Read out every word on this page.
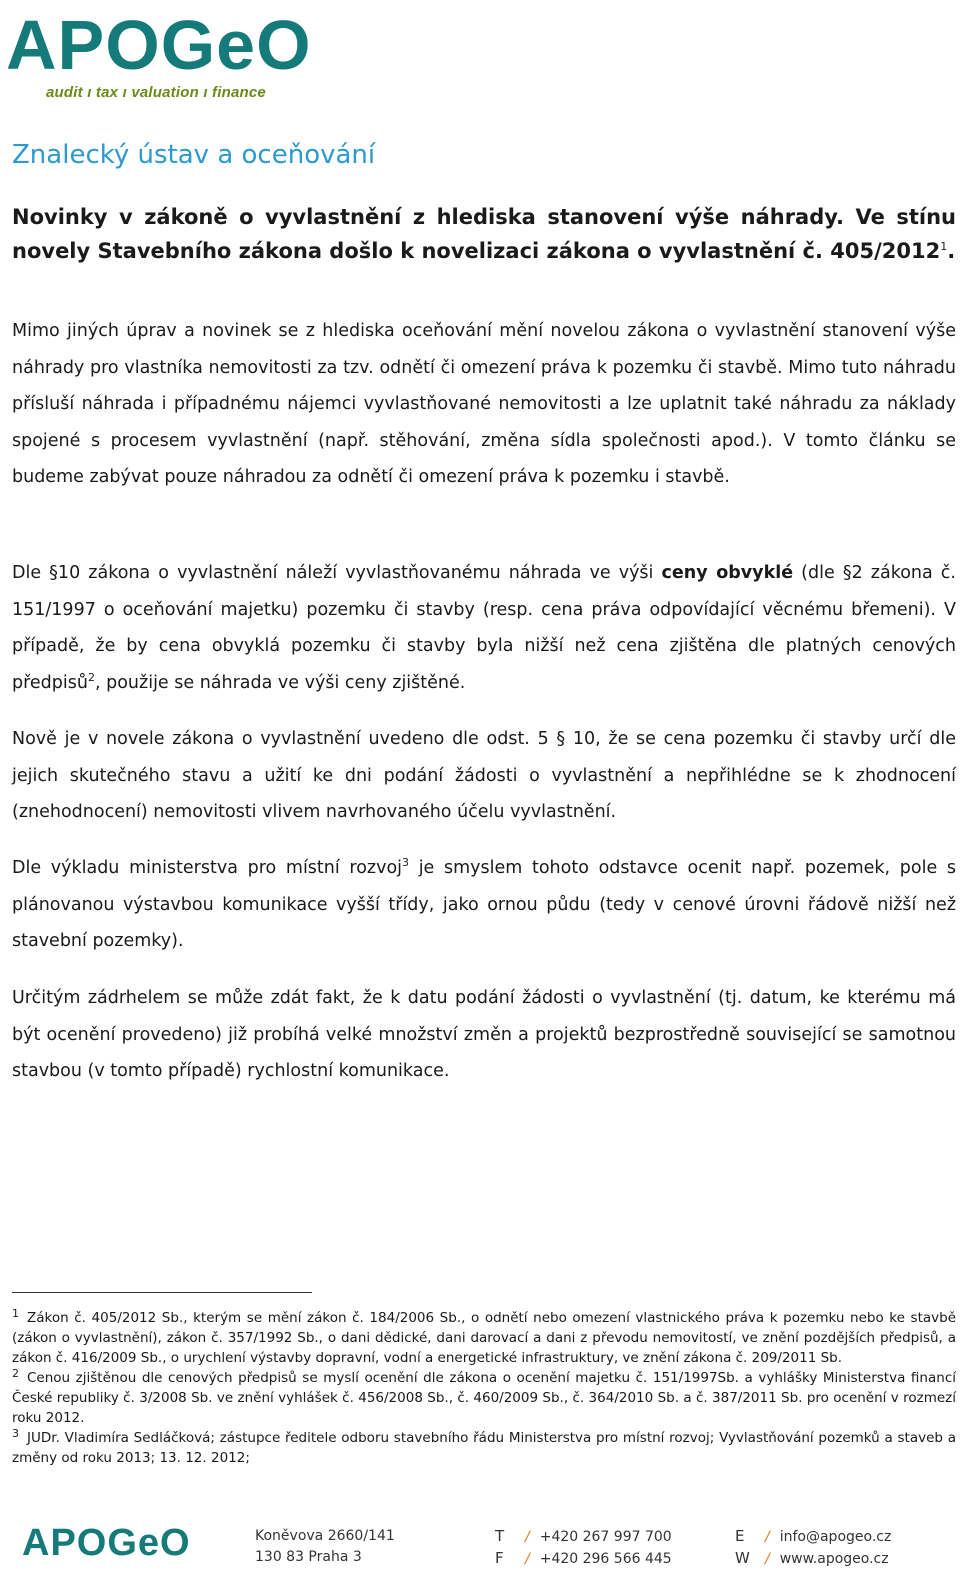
APOGeO
audit ı tax ı valuation ı finance
Znalecký ústav a oceňování
Novinky v zákoně o vyvlastnění z hlediska stanovení výše náhrady. Ve stínu novely Stavebního zákona došlo k novelizaci zákona o vyvlastnění č. 405/2012$^1$.
Mimo jiných úprav a novinek se z hlediska oceňování mění novelou zákona o vyvlastnění stanovení výše náhrady pro vlastníka nemovitosti za tzv. odnětí či omezení práva k pozemku či stavbě. Mimo tuto náhradu přísluší náhrada i případnému nájemci vyvlastňované nemovitosti a lze uplatnit také náhradu za náklady spojené s procesem vyvlastnění (např. stěhování, změna sídla společnosti apod.). V tomto článku se budeme zabývat pouze náhradou za odnětí či omezení práva k pozemku i stavbě.
Dle §10 zákona o vyvlastnění náleží vyvlastňovanému náhrada ve výši ceny obvyklé (dle §2 zákona č. 151/1997 o oceňování majetku) pozemku či stavby (resp. cena práva odpovídající věcnému břemeni). V případě, že by cena obvyklá pozemku či stavby byla nižší než cena zjištěna dle platných cenových předpisů$^2$, použije se náhrada ve výši ceny zjištěné.
Nově je v novele zákona o vyvlastnění uvedeno dle odst. 5 § 10, že se cena pozemku či stavby určí dle jejich skutečného stavu a užití ke dni podání žádosti o vyvlastnění a nepřihlédne se k zhodnocení (znehodnocení) nemovitosti vlivem navrhovaného účelu vyvlastnění.
Dle výkladu ministerstva pro místní rozvoj$^3$ je smyslem tohoto odstavce ocenit např. pozemek, pole s plánovanou výstavbou komunikace vyšší třídy, jako ornou půdu (tedy v cenové úrovni řádově nižší než stavební pozemky).
Určitým zádrhelem se může zdát fakt, že k datu podání žádosti o vyvlastnění (tj. datum, ke kterému má být ocenění provedeno) již probíhá velké množství změn a projektů bezprostředně související se samotnou stavbou (v tomto případě) rychlostní komunikace.
$^1$ Zákon č. 405/2012 Sb., kterým se mění zákon č. 184/2006 Sb., o odnětí nebo omezení vlastnického práva k pozemku nebo ke stavbě (zákon o vyvlastnění), zákon č. 357/1992 Sb., o dani dědické, dani darovací a dani z převodu nemovitostí, ve znění pozdějších předpisů, a zákon č. 416/2009 Sb., o urychlení výstavby dopravní, vodní a energetické infrastruktury, ve znění zákona č. 209/2011 Sb.
$^2$ Cenou zjištěnou dle cenových předpisů se myslí ocenění dle zákona o ocenění majetku č. 151/1997Sb. a vyhlášky Ministerstva financí České republiky č. 3/2008 Sb. ve znění vyhlášek č. 456/2008 Sb., č. 460/2009 Sb., č. 364/2010 Sb. a č. 387/2011 Sb. pro ocenění v rozmezí roku 2012.
$^3$ JUDr. Vladimíra Sedláčková; zástupce ředitele odboru stavebního řádu Ministerstva pro místní rozvoj; Vyvlastňování pozemků a staveb a změny od roku 2013; 13. 12. 2012;
APOGeO	Koněvova 2660/141
130 83 Praha 3
T / +420 267 997 700
F / +420 296 566 445
E / info@apogeo.cz
W / www.apogeo.cz
